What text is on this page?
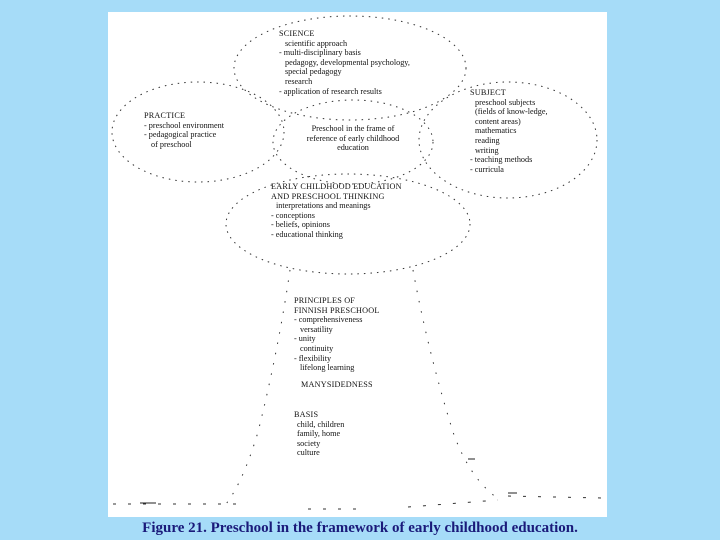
SCIENCE
scientific approach
- multi-disciplinary basis
pedagogy, developmental psychology,
special pedagogy
research
- application of research results
PRACTICE
- preschool environment
- pedagogical practice
of preschool
Preschool in the frame of
reference of early childhood
education
SUBJECT
preschool subjects
(fields of know-ledge,
content areas)
mathematics
reading
writing
- teaching methods
- curricula
EARLY CHILDHOOD EDUCATION
AND PRESCHOOL THINKING
interpretations and meanings
- conceptions
- beliefs, opinions
- educational thinking
PRINCIPLES OF
FINNISH PRESCHOOL
- comprehensiveness
versatility
- unity
continuity
- flexibility
lifelong learning
MANYSIDEDNESS
BASIS
child, children
family, home
society
culture
Figure 21. Preschool in the framework of early childhood education.
